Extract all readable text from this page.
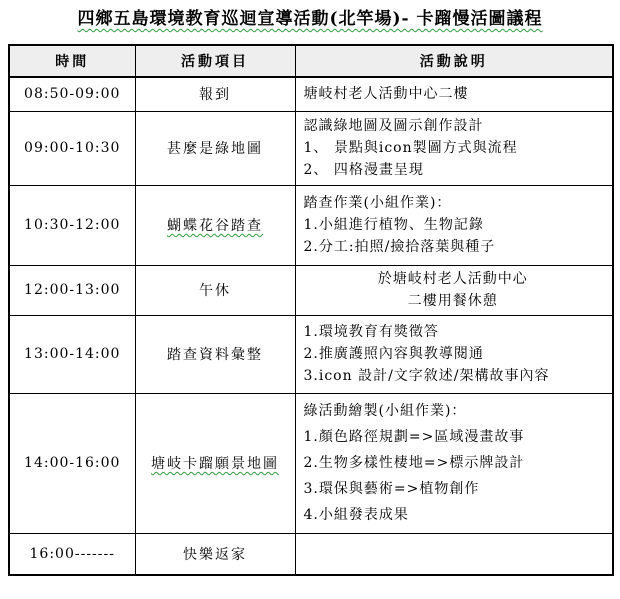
四鄉五島環境教育巡迴宣導活動(北竿場)- 卡蹓慢活圖議程
時間	活動項目	活動說明
08:50-09:00	報到	塘岐村老人活動中心二樓

09:00-10:30	甚麼是綠地圖	認識綠地圖及圖示創作設計
1、 景點與icon製圖方式與流程
2、 四格漫畫呈現

10:30-12:00	蝴蝶花谷踏查	踏查作業(小組作業)：
1.小組進行植物、生物記錄
2.分工:拍照/撿拾落葉與種子

12:00-13:00	午休	於塘岐村老人活動中心
二樓用餐休憩

13:00-14:00	踏查資料彙整	1.環境教育有獎徵答
2.推廣護照內容與教導閱通
3.icon 設計/文字敘述/架構故事內容

14:00-16:00	塘岐卡蹓願景地圖	綠活動繪製(小組作業)：
1.顏色路徑規劃=>區域漫畫故事
2.生物多樣性棲地=>標示牌設計
3.環保與藝術=>植物創作
4.小組發表成果

16:00-------	快樂返家	
